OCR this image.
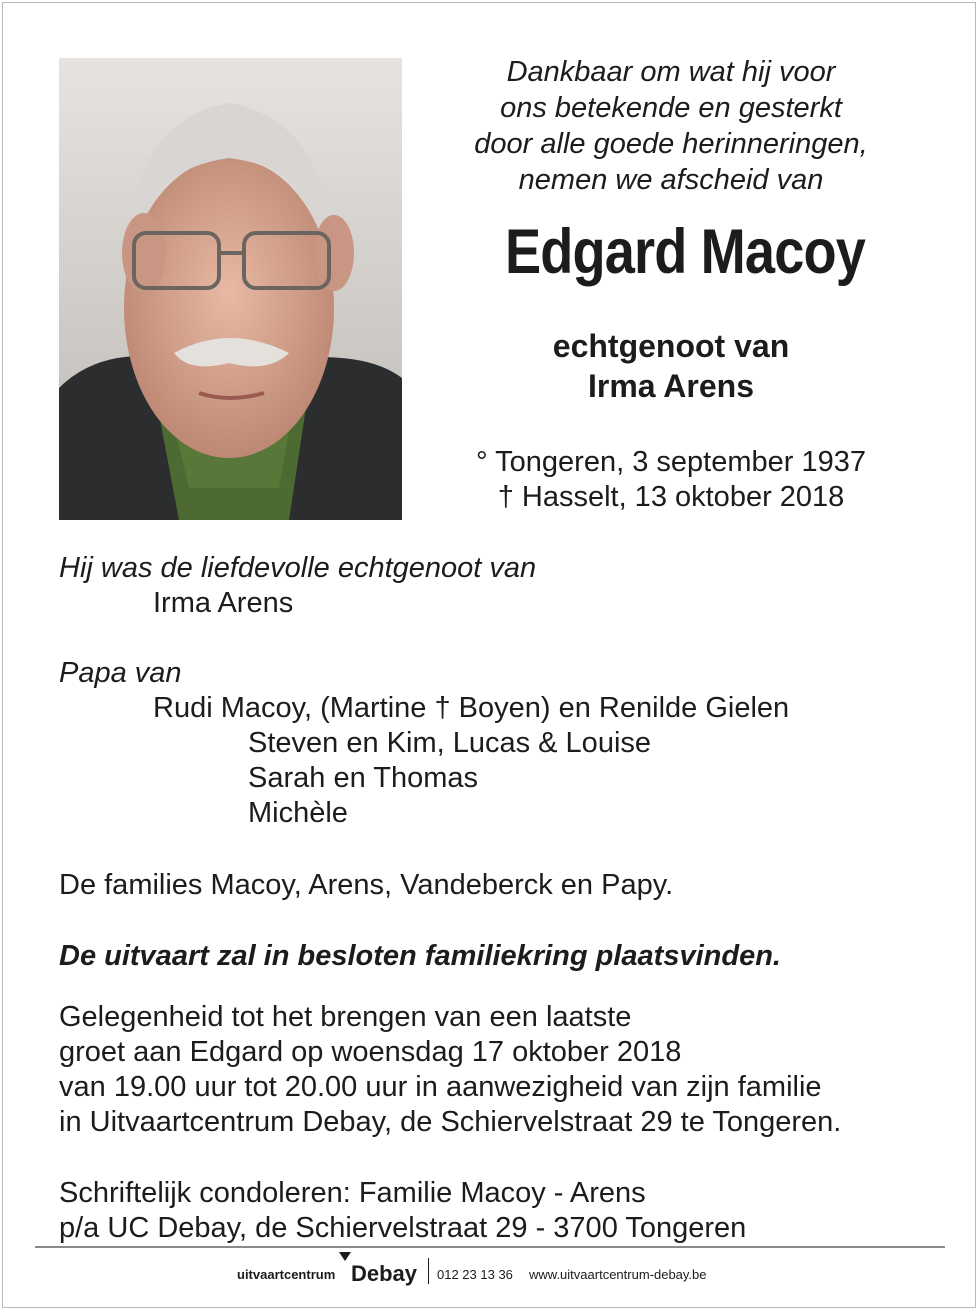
Dankbaar om wat hij voor
ons betekende en gesterkt
door alle goede herinneringen,
nemen we afscheid van
Edgard Macoy
echtgenoot van
Irma Arens
° Tongeren, 3 september 1937
† Hasselt, 13 oktober 2018
Hij was de liefdevolle echtgenoot van
Irma Arens
Papa van
Rudi Macoy, (Martine † Boyen) en Renilde Gielen
Steven en Kim, Lucas & Louise
Sarah en Thomas
Michèle
De families Macoy, Arens, Vandeberck en Papy.
De uitvaart zal in besloten familiekring plaatsvinden.
Gelegenheid tot het brengen van een laatste
groet aan Edgard op woensdag 17 oktober 2018
van 19.00 uur tot 20.00 uur in aanwezigheid van zijn familie
in Uitvaartcentrum Debay, de Schiervelstraat 29 te Tongeren.
Schriftelijk condoleren: Familie Macoy - Arens
p/a UC Debay, de Schiervelstraat 29 - 3700 Tongeren
uitvaartcentrum Debay 012 23 13 36 www.uitvaartcentrum-debay.be
